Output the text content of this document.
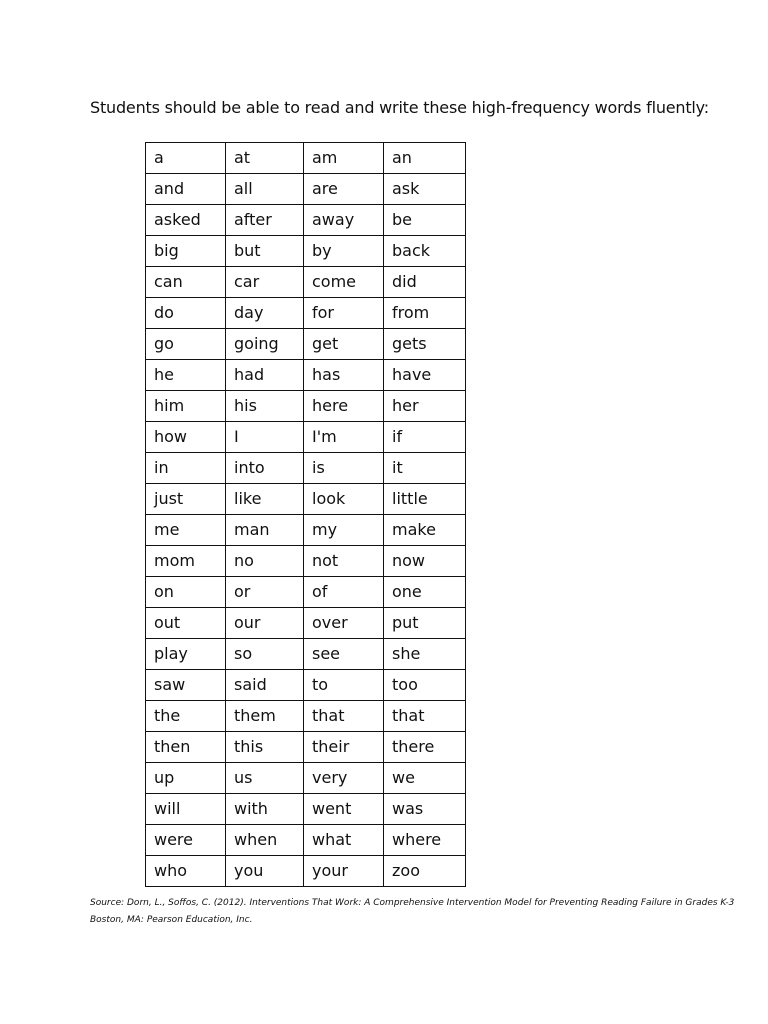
Students should be able to read and write these high-frequency words fluently:
a	at	am	an
and	all	are	ask
asked	after	away	be
big	but	by	back
can	car	come	did
do	day	for	from
go	going	get	gets
he	had	has	have
him	his	here	her
how	I	I'm	if
in	into	is	it
just	like	look	little
me	man	my	make
mom	no	not	now
on	or	of	one
out	our	over	put
play	so	see	she
saw	said	to	too
the	them	that	that
then	this	their	there
up	us	very	we
will	with	went	was
were	when	what	where
who	you	your	zoo
Source: Dorn, L., Soffos, C. (2012). Interventions That Work: A Comprehensive Intervention Model for Preventing Reading Failure in Grades K-3
Boston, MA: Pearson Education, Inc.
